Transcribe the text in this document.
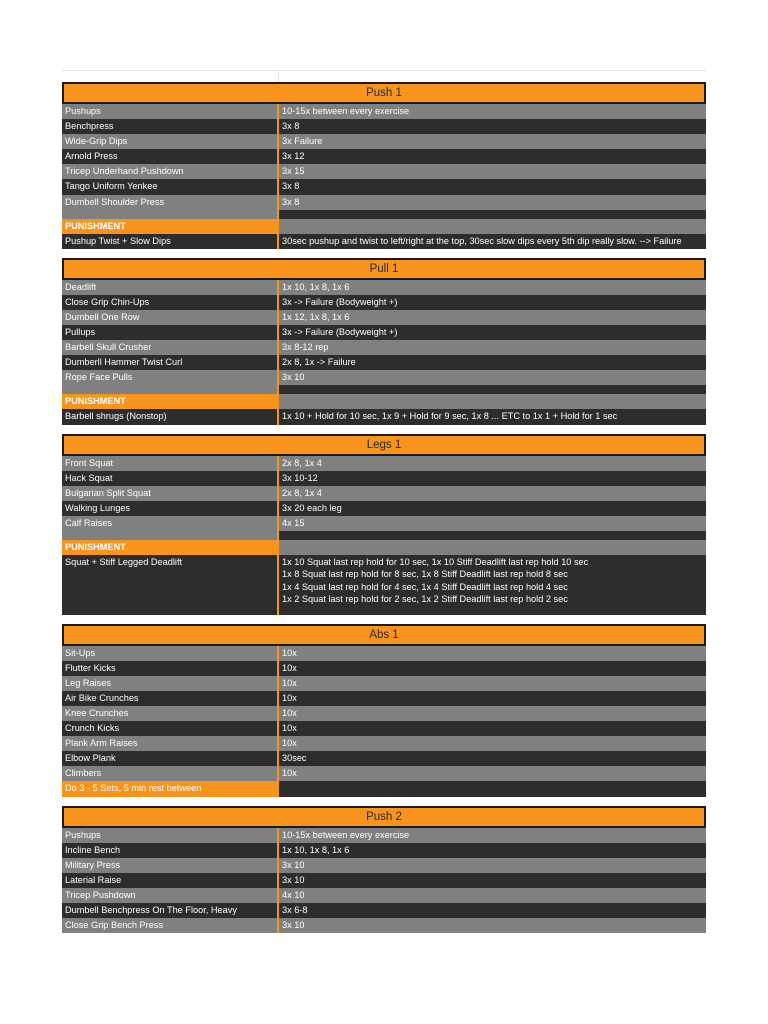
Push 1
Pushups	10-15x between every exercise
Benchpress	3x 8
Wide-Grip Dips	3x Failure
Arnold Press	3x 12
Tricep Underhand Pushdown	3x 15
Tango Uniform Yenkee	3x 8
Dumbell Shoulder Press	3x 8
PUNISHMENT
Pushup Twist + Slow Dips	30sec pushup and twist to left/right at the top, 30sec slow dips every 5th dip really slow. --> Failure
Pull 1
Deadlift	1x 10, 1x 8, 1x 6
Close Grip Chin-Ups	3x -> Failure (Bodyweight +)
Dumbell One Row	1x 12, 1x 8, 1x 6
Pullups	3x -> Failure (Bodyweight +)
Barbell Skull Crusher	3x 8-12 rep
Dumberll Hammer Twist Curl	2x 8, 1x -> Failure
Rope Face Pulls	3x 10
PUNISHMENT
Barbell shrugs (Nonstop)	1x 10 + Hold for 10 sec, 1x 9 + Hold for 9 sec, 1x 8 ... ETC to 1x 1 + Hold for 1 sec
Legs 1
Front Squat	2x 8, 1x 4
Hack Squat	3x 10-12
Bulgarian Split Squat	2x 8, 1x 4
Walking Lunges	3x 20 each leg
Calf Raises	4x 15
PUNISHMENT
Squat + Stiff Legged Deadlift	1x 10 Squat last rep hold for 10 sec, 1x 10 Stiff Deadlift last rep hold 10 sec
1x 8 Squat last rep hold for 8 sec, 1x 8 Stiff Deadlift last rep hold 8 sec
1x 4 Squat last rep hold for 4 sec, 1x 4 Stiff Deadlift last rep hold 4 sec
1x 2 Squat last rep hold for 2 sec, 1x 2 Stiff Deadlift last rep hold 2 sec
Abs 1
Sit-Ups	10x
Flutter Kicks	10x
Leg Raises	10x
Air Bike Crunches	10x
Knee Crunches	10x
Crunch Kicks	10x
Plank Arm Raises	10x
Elbow Plank	30sec
Climbers	10x
Do 3 - 5 Sets, 5 min rest between
Push 2
Pushups	10-15x between every exercise
Incline Bench	1x 10, 1x 8, 1x 6
Military Press	3x 10
Laterial Raise	3x 10
Tricep Pushdown	4x 10
Dumbell Benchpress On The Floor, Heavy	3x 6-8
Close Grip Bench Press	3x 10
